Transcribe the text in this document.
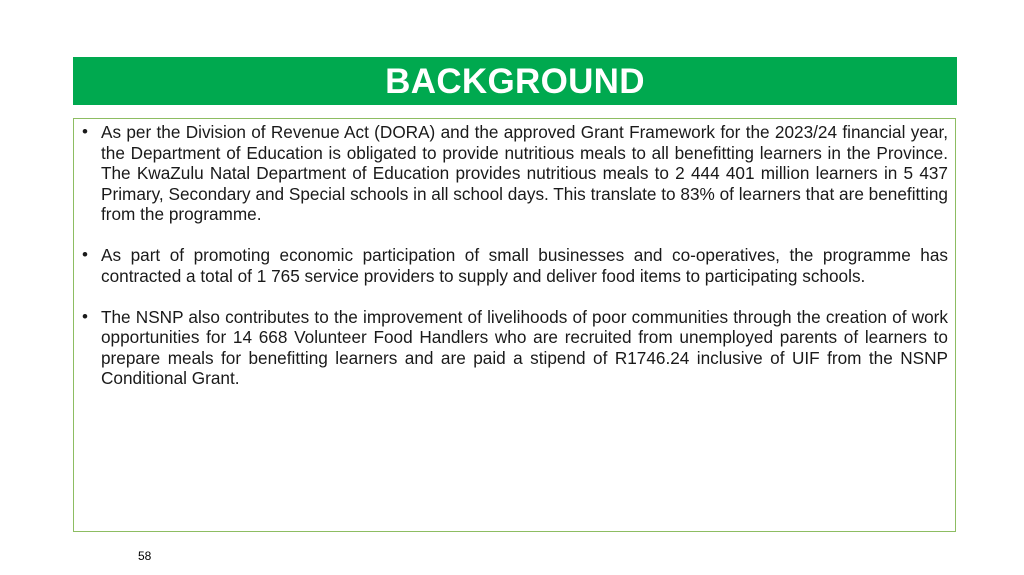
BACKGROUND
• As per the Division of Revenue Act (DORA) and the approved Grant Framework for the 2023/24 financial year, the Department of Education is obligated to provide nutritious meals to all benefitting learners in the Province. The KwaZulu Natal Department of Education provides nutritious meals to 2 444 401 million learners in 5 437 Primary, Secondary and Special schools in all school days. This translate to 83% of learners that are benefitting from the programme.
• As part of promoting economic participation of small businesses and co-operatives, the programme has contracted a total of 1 765 service providers to supply and deliver food items to participating schools.
• The NSNP also contributes to the improvement of livelihoods of poor communities through the creation of work opportunities for 14 668 Volunteer Food Handlers who are recruited from unemployed parents of learners to prepare meals for benefitting learners and are paid a stipend of R1746.24 inclusive of UIF from the NSNP Conditional Grant.
58
